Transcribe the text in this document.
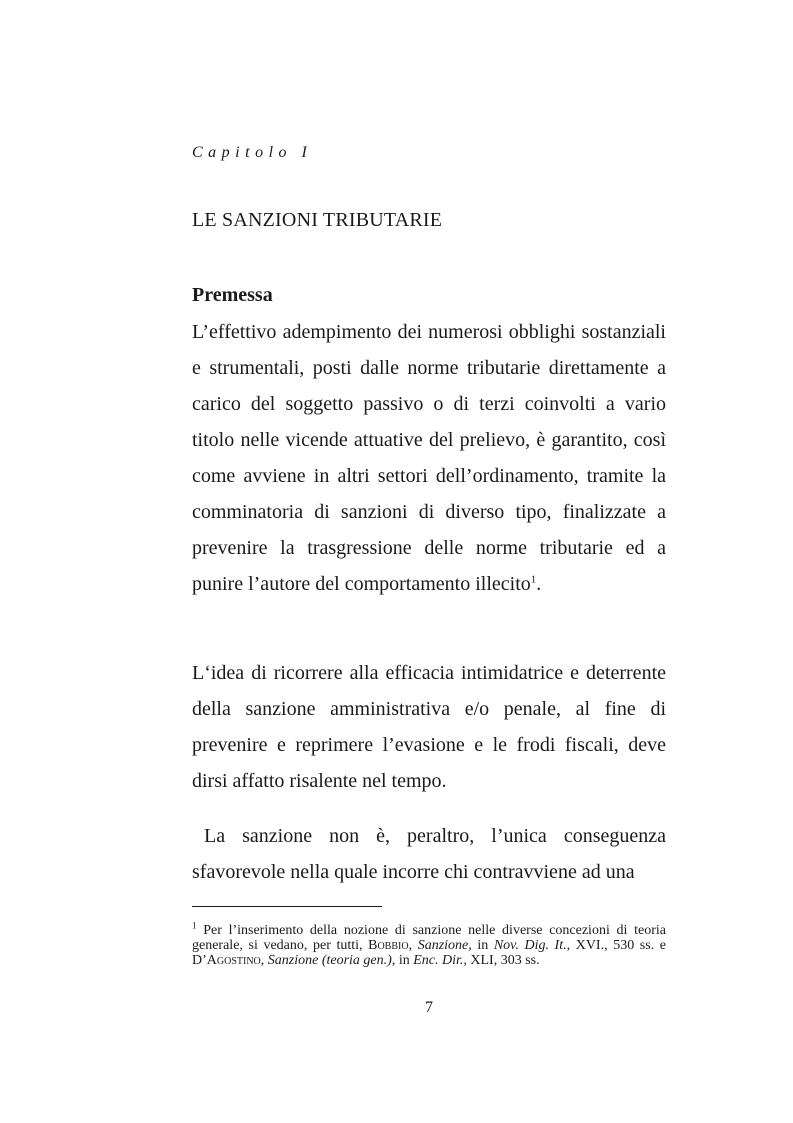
Capitolo I

LE SANZIONI TRIBUTARIE
Premessa

L’effettivo adempimento dei numerosi obblighi sostanziali e strumentali, posti dalle norme tributarie direttamente a carico del soggetto passivo o di terzi coinvolti a vario titolo nelle vicende attuative del prelievo, è garantito, così come avviene in altri settori dell’ordinamento, tramite la comminatoria di sanzioni di diverso tipo, finalizzate a prevenire la trasgressione delle norme tributarie ed a punire l’autore del comportamento illecito$^1$.

L‘idea di ricorrere alla efficacia intimidatrice e deterrente della sanzione amministrativa e/o penale, al fine di prevenire e reprimere l’evasione e le frodi fiscali, deve dirsi affatto risalente nel tempo.

La sanzione non è, peraltro, l’unica conseguenza sfavorevole nella quale incorre chi contravviene ad una

$^1$ Per l’inserimento della nozione di sanzione nelle diverse concezioni di teoria generale, si vedano, per tutti, Bobbio, Sanzione, in Nov. Dig. It., XVI., 530 ss. e D’Agostino, Sanzione (teoria gen.), in Enc. Dir., XLI, 303 ss.

7
